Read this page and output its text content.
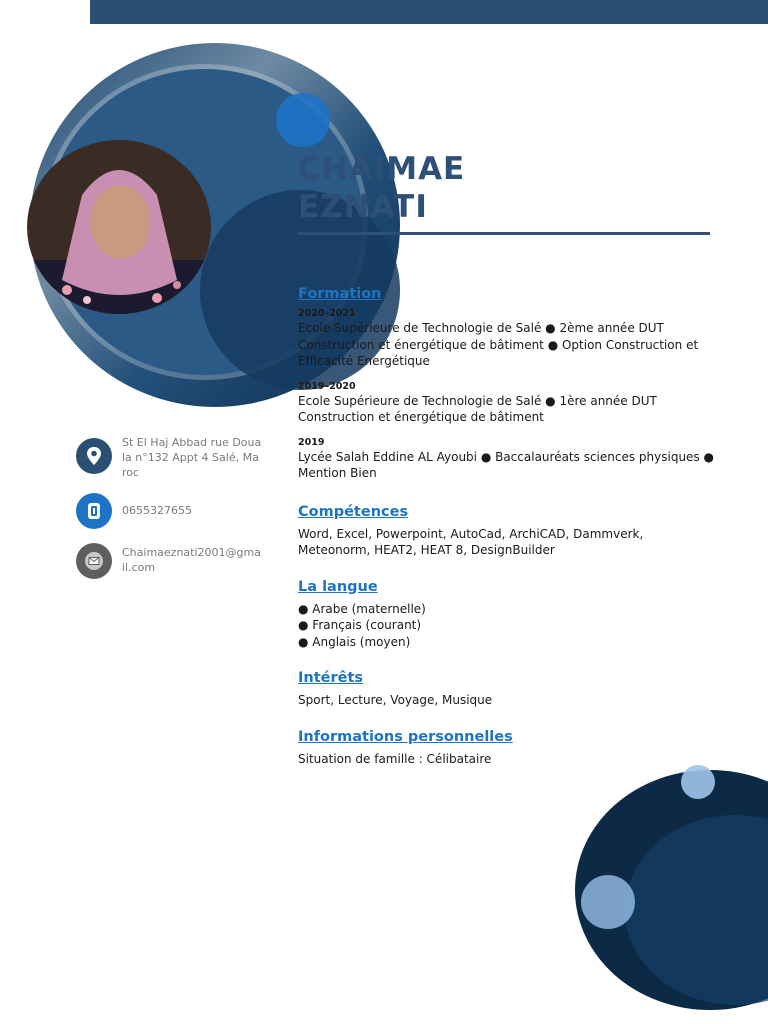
CHAIMAE
EZNATI
St El Haj Abbad rue Douala n°132 Appt 4 Salé, Maroc
0655327655
Chaimaeznati2001@gmail.com
Formation
2020–2021
Ecole Supérieure de Technologie de Salé ● 2ème année DUT Construction et énergétique de bâtiment ● Option Construction et Efficacité Energétique
2019–2020
Ecole Supérieure de Technologie de Salé ● 1ère année DUT Construction et énergétique de bâtiment
2019
Lycée Salah Eddine AL Ayoubi ● Baccalauréats sciences physiques ● Mention Bien
Compétences
Word, Excel, Powerpoint, AutoCad, ArchiCAD, Dammverk, Meteonorm, HEAT2, HEAT 8, DesignBuilder
La langue
● Arabe (maternelle)
● Français (courant)
● Anglais (moyen)
Intérêts
Sport, Lecture, Voyage, Musique
Informations personnelles
Situation de famille : Célibataire
